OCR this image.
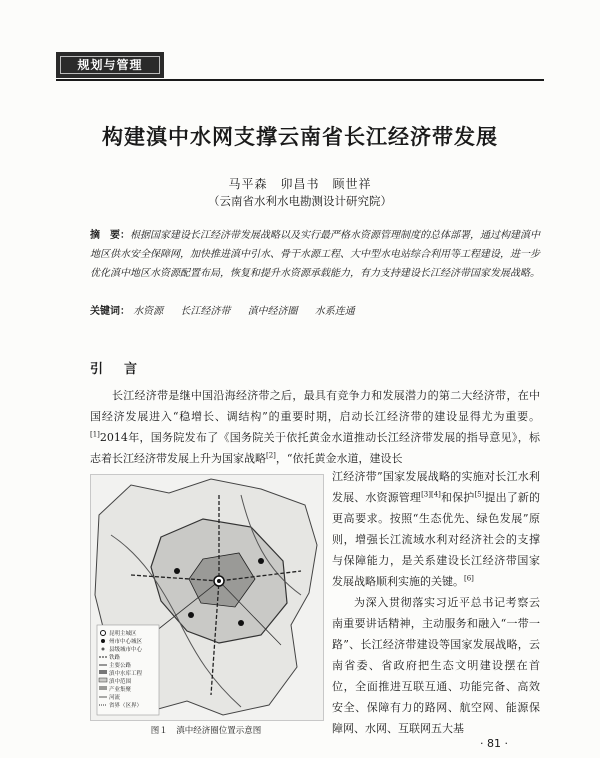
规划与管理
构建滇中水网支撑云南省长江经济带发展
马平森　卯昌书　顾世祥
（云南省水利水电勘测设计研究院）
摘　要：根据国家建设长江经济带发展战略以及实行最严格水资源管理制度的总体部署，通过构建滇中地区供水安全保障网，加快推进滇中引水、骨干水源工程、大中型水电站综合利用等工程建设，进一步优化滇中地区水资源配置布局，恢复和提升水资源承载能力，有力支持建设长江经济带国家发展战略。
关键词： 水资源 长江经济带 滇中经济圈 水系连通
引　言
长江经济带是继中国沿海经济带之后，最具有竞争力和发展潜力的第二大经济带，在中国经济发展进入“稳增长、调结构”的重要时期，启动长江经济带的建设显得尤为重要。[1]2014年，国务院发布了《国务院关于依托黄金水道推动长江经济带发展的指导意见》，标志着长江经济带发展上升为国家战略[2]，“依托黄金水道，建设长
江经济带”国家发展战略的实施对长江水利发展、水资源管理[3][4]和保护[5]提出了新的更高要求。按照“生态优先、绿色发展”原则，增强长江流域水利对经济社会的支撑与保障能力，是关系建设长江经济带国家发展战略顺利实施的关键。[6]
为深入贯彻落实习近平总书记考察云南重要讲话精神，主动服务和融入“一带一路”、长江经济带建设等国家发展战略，云南省委、省政府把生态文明建设摆在首位，全面推进互联互通、功能完备、高效安全、保障有力的路网、航空网、能源保障网、水网、互联网五大基
昆明主城区
州市中心城区
县级城市中心
铁路
主要公路
滇中水库工程
滇中范围
产业集聚
河流
省界（区界）
图１　滇中经济圈位置示意图
· 81 ·
